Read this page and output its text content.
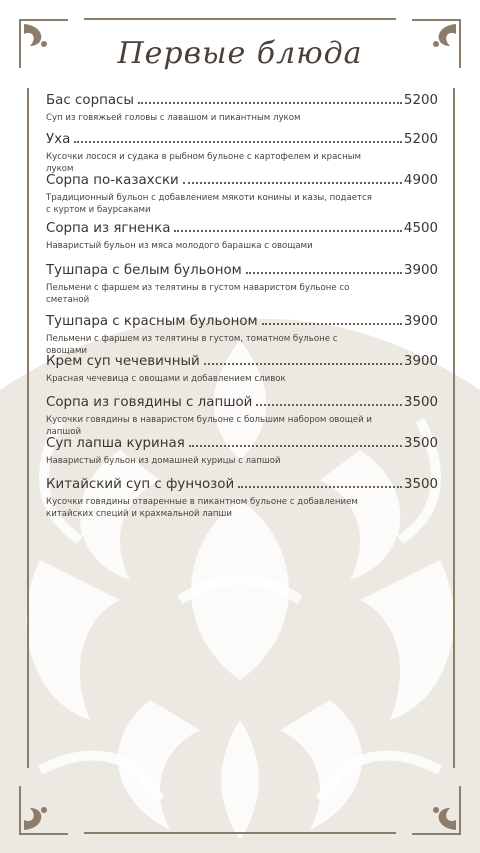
Первые блюда
Бас сорпасы	5200
Суп из говяжьей головы с лавашом и пикантным луком
Уха	5200
Кусочки лосося и судака в рыбном бульоне с картофелем и красным луком
Сорпа по-казахски	4900
Традиционный бульон с добавлением мякоти конины и казы, подается с куртом и баурсаками
Сорпа из ягненка	4500
Наваристый бульон из мяса молодого барашка с овощами
Тушпара с белым бульоном	3900
Пельмени с фаршем из телятины в густом наваристом бульоне со сметаной
Тушпара с красным бульоном	3900
Пельмени с фаршем из телятины в густом, томатном бульоне с овощами
Крем суп чечевичный	3900
Красная чечевица с овощами и добавлением сливок
Сорпа из говядины с лапшой	3500
Кусочки говядины в наваристом бульоне с большим набором овощей и лапшой
Суп лапша куриная	3500
Наваристый бульон из домашней курицы с лапшой
Китайский суп с фунчозой	3500
Кусочки говядины отваренные в пикантном бульоне с добавлением китайских специй и крахмальной лапши
